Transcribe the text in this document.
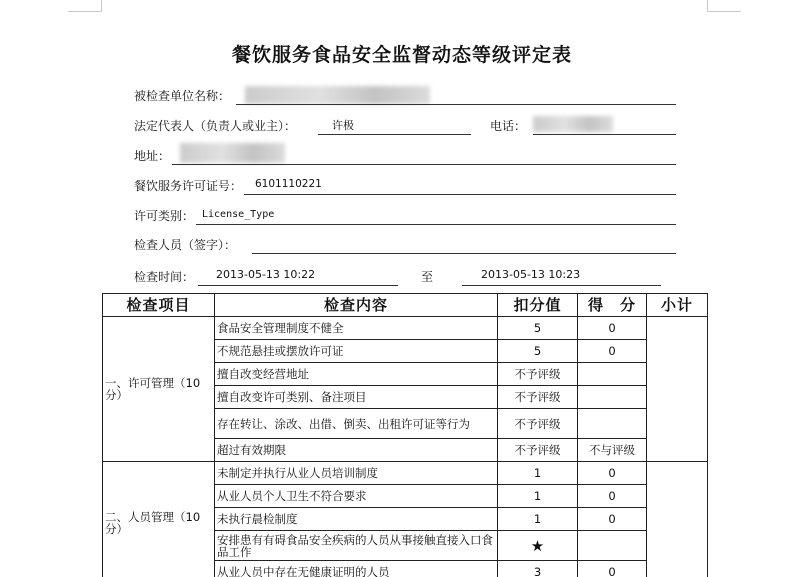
餐饮服务食品安全监督动态等级评定表
被检查单位名称：
法定代表人（负责人或业主）：	许极	电话：
地址：
餐饮服务许可证号： 6101110221
许可类别： License_Type
检查人员（签字）：
检查时间： 2013-05-13 10:22	至	2013-05-13 10:23
检查项目	检查内容	扣分值	得　分	小计
一、许可管理（10分）	食品安全管理制度不健全	5	0	
	不规范悬挂或摆放许可证	5	0	
	擅自改变经营地址	不予评级		
	擅自改变许可类别、备注项目	不予评级		
	存在转让、涂改、出借、倒卖、出租许可证等行为	不予评级		
	超过有效期限	不予评级	不与评级	
二、人员管理（10分）	未制定并执行从业人员培训制度	1	0	
	从业人员个人卫生不符合要求	1	0	
	未执行晨检制度	1	0	
	安排患有有碍食品安全疾病的人员从事接触直接入口食品工作	★		
	从业人员中存在无健康证明的人员	3	0	
